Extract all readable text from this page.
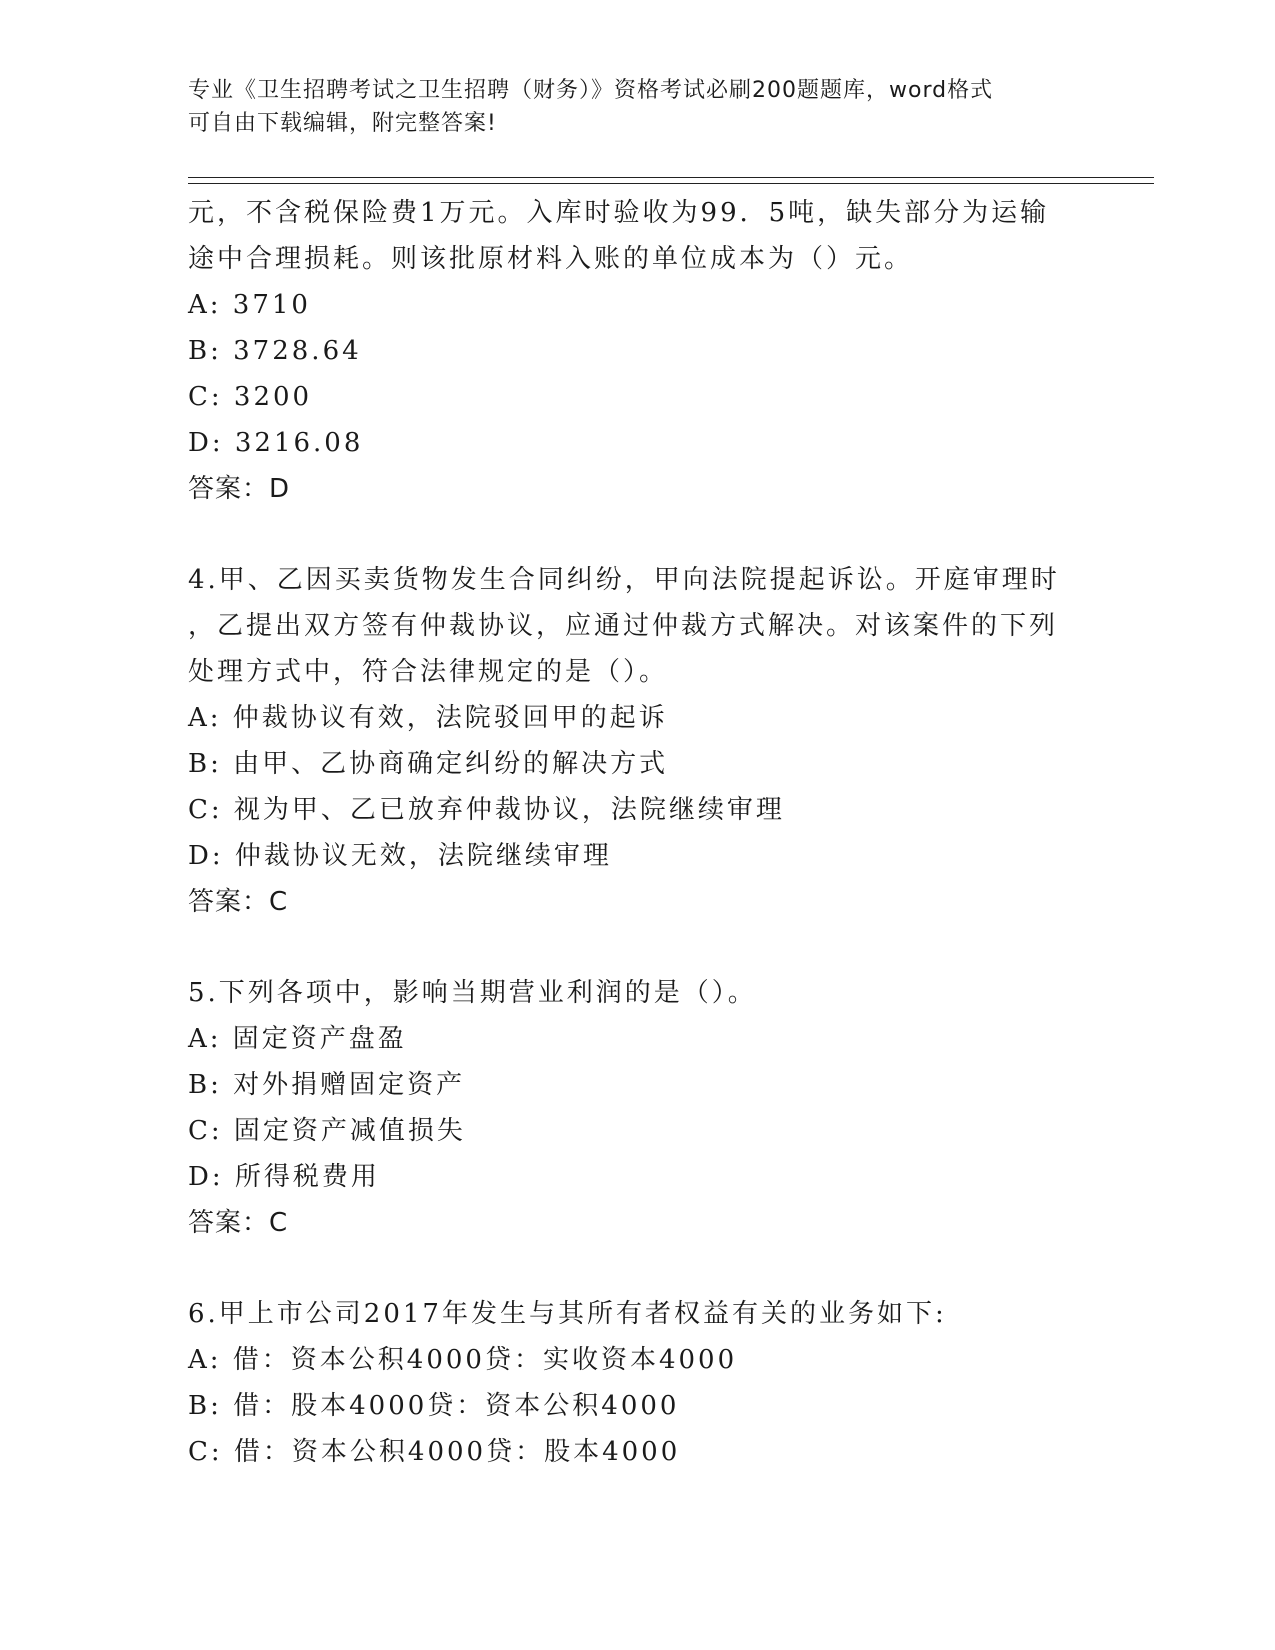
专业《卫生招聘考试之卫生招聘（财务）》资格考试必刷200题题库，word格式
可自由下载编辑，附完整答案!
元，不含税保险费1万元。入库时验收为99．5吨，缺失部分为运输
途中合理损耗。则该批原材料入账的单位成本为（）元。
A: 3710
B: 3728.64
C: 3200
D: 3216.08
答案：D
4.甲、乙因买卖货物发生合同纠纷，甲向法院提起诉讼。开庭审理时
，乙提出双方签有仲裁协议，应通过仲裁方式解决。对该案件的下列
处理方式中，符合法律规定的是（）。
A: 仲裁协议有效，法院驳回甲的起诉
B: 由甲、乙协商确定纠纷的解决方式
C: 视为甲、乙已放弃仲裁协议，法院继续审理
D: 仲裁协议无效，法院继续审理
答案：C
5.下列各项中，影响当期营业利润的是（）。
A: 固定资产盘盈
B: 对外捐赠固定资产
C: 固定资产减值损失
D: 所得税费用
答案：C
6.甲上市公司2017年发生与其所有者权益有关的业务如下:
A: 借：资本公积4000贷：实收资本4000
B: 借：股本4000贷：资本公积4000
C: 借：资本公积4000贷：股本4000
